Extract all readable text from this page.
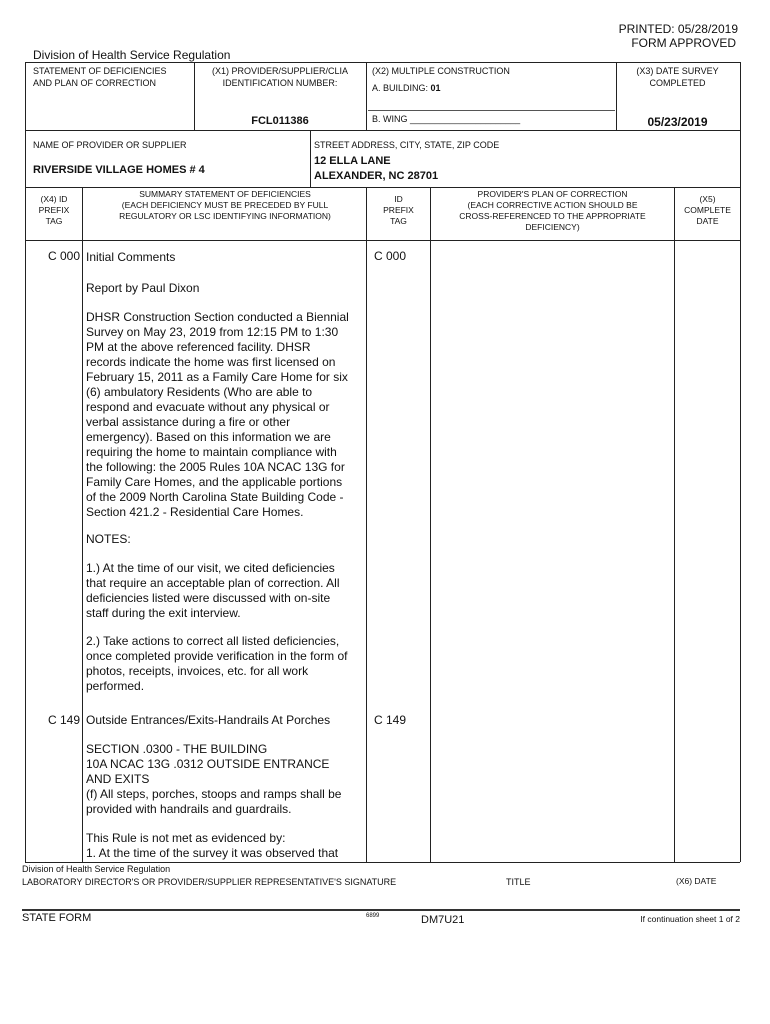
PRINTED: 05/28/2019
FORM APPROVED
Division of Health Service Regulation
STATEMENT OF DEFICIENCIES
AND PLAN OF CORRECTION
(X1) PROVIDER/SUPPLIER/CLIA
IDENTIFICATION NUMBER:
FCL011386
(X2) MULTIPLE CONSTRUCTION
A. BUILDING: 01
B. WING ______________________
(X3) DATE SURVEY
COMPLETED
05/23/2019
NAME OF PROVIDER OR SUPPLIER
RIVERSIDE VILLAGE HOMES # 4
STREET ADDRESS, CITY, STATE, ZIP CODE
12 ELLA LANE
ALEXANDER, NC 28701
(X4) ID
PREFIX
TAG
SUMMARY STATEMENT OF DEFICIENCIES
(EACH DEFICIENCY MUST BE PRECEDED BY FULL
REGULATORY OR LSC IDENTIFYING INFORMATION)
ID
PREFIX
TAG
PROVIDER'S PLAN OF CORRECTION
(EACH CORRECTIVE ACTION SHOULD BE
CROSS-REFERENCED TO THE APPROPRIATE
DEFICIENCY)
(X5)
COMPLETE
DATE
C 000	C 000
Initial Comments
Report by Paul Dixon
DHSR Construction Section conducted a Biennial
Survey on May 23, 2019 from 12:15 PM to 1:30
PM at the above referenced facility. DHSR
records indicate the home was first licensed on
February 15, 2011 as a Family Care Home for six
(6) ambulatory Residents (Who are able to
respond and evacuate without any physical or
verbal assistance during a fire or other
emergency). Based on this information we are
requiring the home to maintain compliance with
the following: the 2005 Rules 10A NCAC 13G for
Family Care Homes, and the applicable portions
of the 2009 North Carolina State Building Code -
Section 421.2 - Residential Care Homes.
NOTES:
1.) At the time of our visit, we cited deficiencies
that require an acceptable plan of correction. All
deficiencies listed were discussed with on-site
staff during the exit interview.
2.) Take actions to correct all listed deficiencies,
once completed provide verification in the form of
photos, receipts, invoices, etc. for all work
performed.
C 149	C 149
Outside Entrances/Exits-Handrails At Porches
SECTION .0300 - THE BUILDING
10A NCAC 13G .0312 OUTSIDE ENTRANCE
AND EXITS
(f) All steps, porches, stoops and ramps shall be
provided with handrails and guardrails.
This Rule is not met as evidenced by:
1. At the time of the survey it was observed that
Division of Health Service Regulation
LABORATORY DIRECTOR'S OR PROVIDER/SUPPLIER REPRESENTATIVE'S SIGNATURE	TITLE	(X6) DATE
STATE FORM	6899	DM7U21	If continuation sheet 1 of 2
